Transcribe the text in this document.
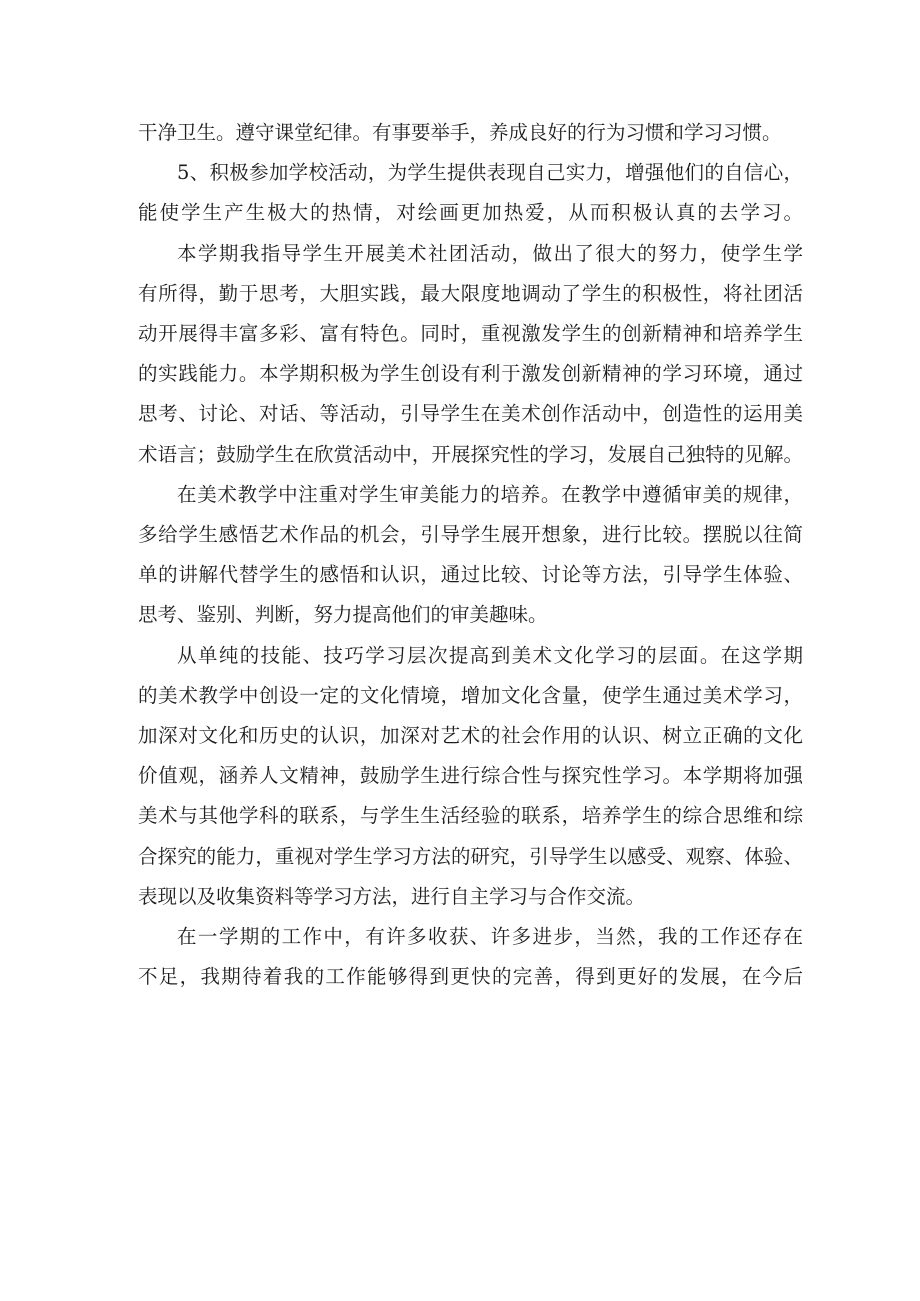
干净卫生。遵守课堂纪律。有事要举手，养成良好的行为习惯和学习习惯。
5、积极参加学校活动，为学生提供表现自己实力，增强他们的自信心，
能使学生产生极大的热情，对绘画更加热爱，从而积极认真的去学习。
本学期我指导学生开展美术社团活动，做出了很大的努力，使学生学
有所得，勤于思考，大胆实践，最大限度地调动了学生的积极性，将社团活
动开展得丰富多彩、富有特色。同时，重视激发学生的创新精神和培养学生
的实践能力。本学期积极为学生创设有利于激发创新精神的学习环境，通过
思考、讨论、对话、等活动，引导学生在美术创作活动中，创造性的运用美
术语言；鼓励学生在欣赏活动中，开展探究性的学习，发展自己独特的见解。
在美术教学中注重对学生审美能力的培养。在教学中遵循审美的规律，
多给学生感悟艺术作品的机会，引导学生展开想象，进行比较。摆脱以往简
单的讲解代替学生的感悟和认识，通过比较、讨论等方法，引导学生体验、
思考、鉴别、判断，努力提高他们的审美趣味。
从单纯的技能、技巧学习层次提高到美术文化学习的层面。在这学期
的美术教学中创设一定的文化情境，增加文化含量，使学生通过美术学习，
加深对文化和历史的认识，加深对艺术的社会作用的认识、树立正确的文化
价值观，涵养人文精神，鼓励学生进行综合性与探究性学习。本学期将加强
美术与其他学科的联系，与学生生活经验的联系，培养学生的综合思维和综
合探究的能力，重视对学生学习方法的研究，引导学生以感受、观察、体验、
表现以及收集资料等学习方法，进行自主学习与合作交流。
在一学期的工作中，有许多收获、许多进步，当然，我的工作还存在
不足，我期待着我的工作能够得到更快的完善，得到更好的发展，在今后
